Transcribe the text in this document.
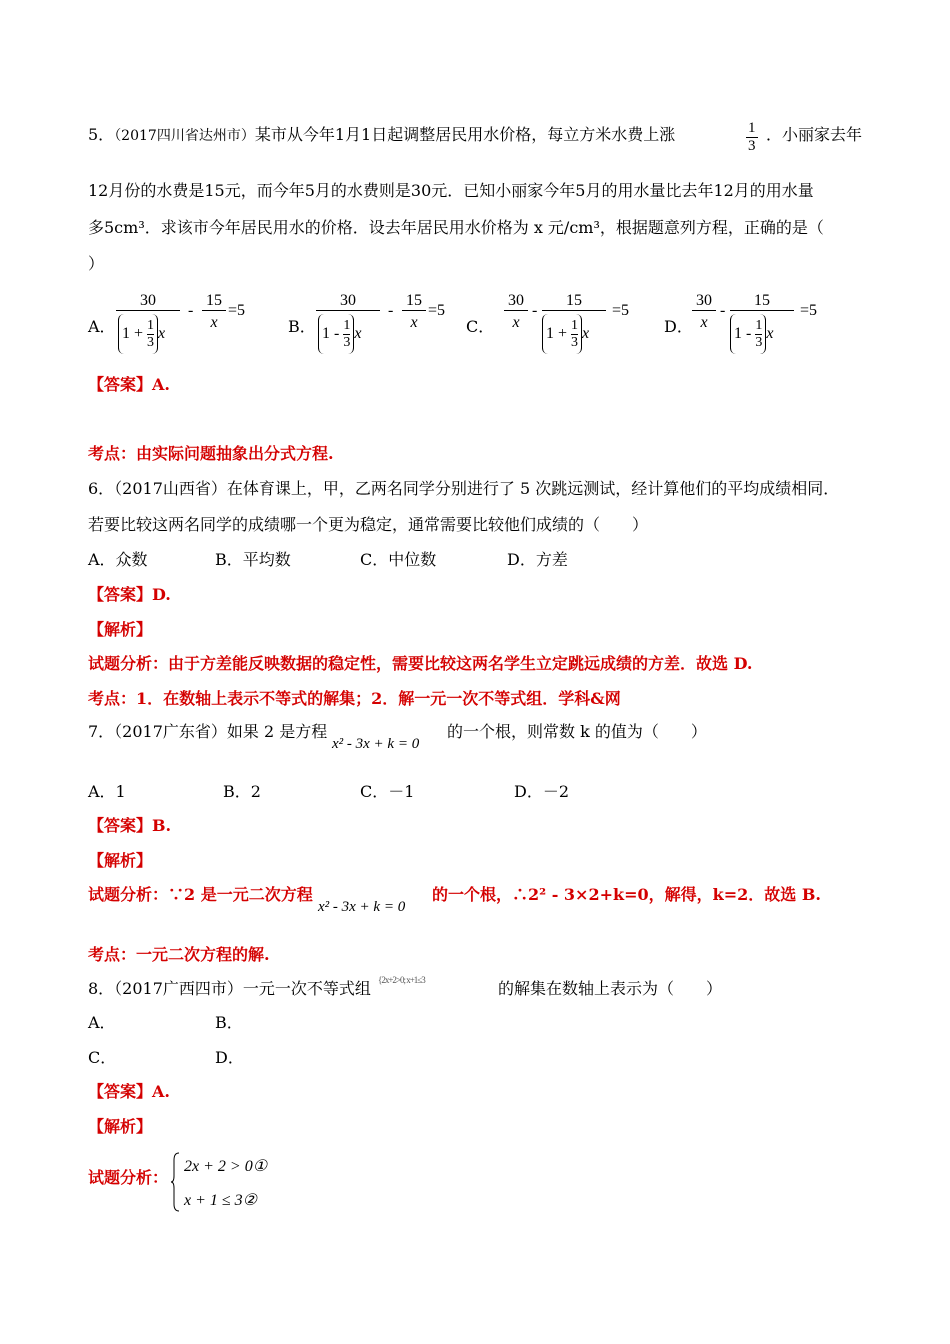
5．（2017四川省达州市）某市从今年1月1日起调整居民用水价格，每立方米水费上涨	$\frac{1}{3}$ ．小丽家去年
12月份的水费是15元，而今年5月的水费则是30元．已知小丽家今年5月的用水量比去年12月的用水量
多5cm³．求该市今年居民用水的价格．设去年居民用水价格为 x 元/cm³，根据题意列方程，正确的是（
）
A．
30
$1 + \frac{1}{3}$ x
-
15
x
=5
B．
30
$1 - \frac{1}{3}$ x
-
15
x
=5
C．
30
x
-
15
$1 + \frac{1}{3}$ x
=5
D．
30
x
-
15
$1 - \frac{1}{3}$ x
=5
【答案】A.
考点：由实际问题抽象出分式方程.
6．（2017山西省）在体育课上，甲，乙两名同学分别进行了 5 次跳远测试，经计算他们的平均成绩相同．
若要比较这两名同学的成绩哪一个更为稳定，通常需要比较他们成绩的（　　）
A．众数	B．平均数	C．中位数	D．方差
【答案】D.
【解析】
试题分析：由于方差能反映数据的稳定性，需要比较这两名学生立定跳远成绩的方差．故选 D.
考点：1．在数轴上表示不等式的解集；2．解一元一次不等式组．学科&网
7．（2017广东省）如果 2 是方程
x² - 3x + k = 0
的一个根，则常数 k 的值为（　　）
A．1	B．2	C．－1	D．－2
【答案】B.
【解析】
试题分析：∵2 是一元二次方程
x² - 3x + k = 0
的一个根，∴2² - 3×2+k=0，解得，k=2．故选 B.
考点：一元二次方程的解.
8．（2017广西四市）一元一次不等式组 {2x+2>0; x+1≤3	的解集在数轴上表示为（　　）
A．	B．
C．	D．
【答案】A.
【解析】
试题分析：
2x + 2 > 0①
x + 1 ≤ 3②
